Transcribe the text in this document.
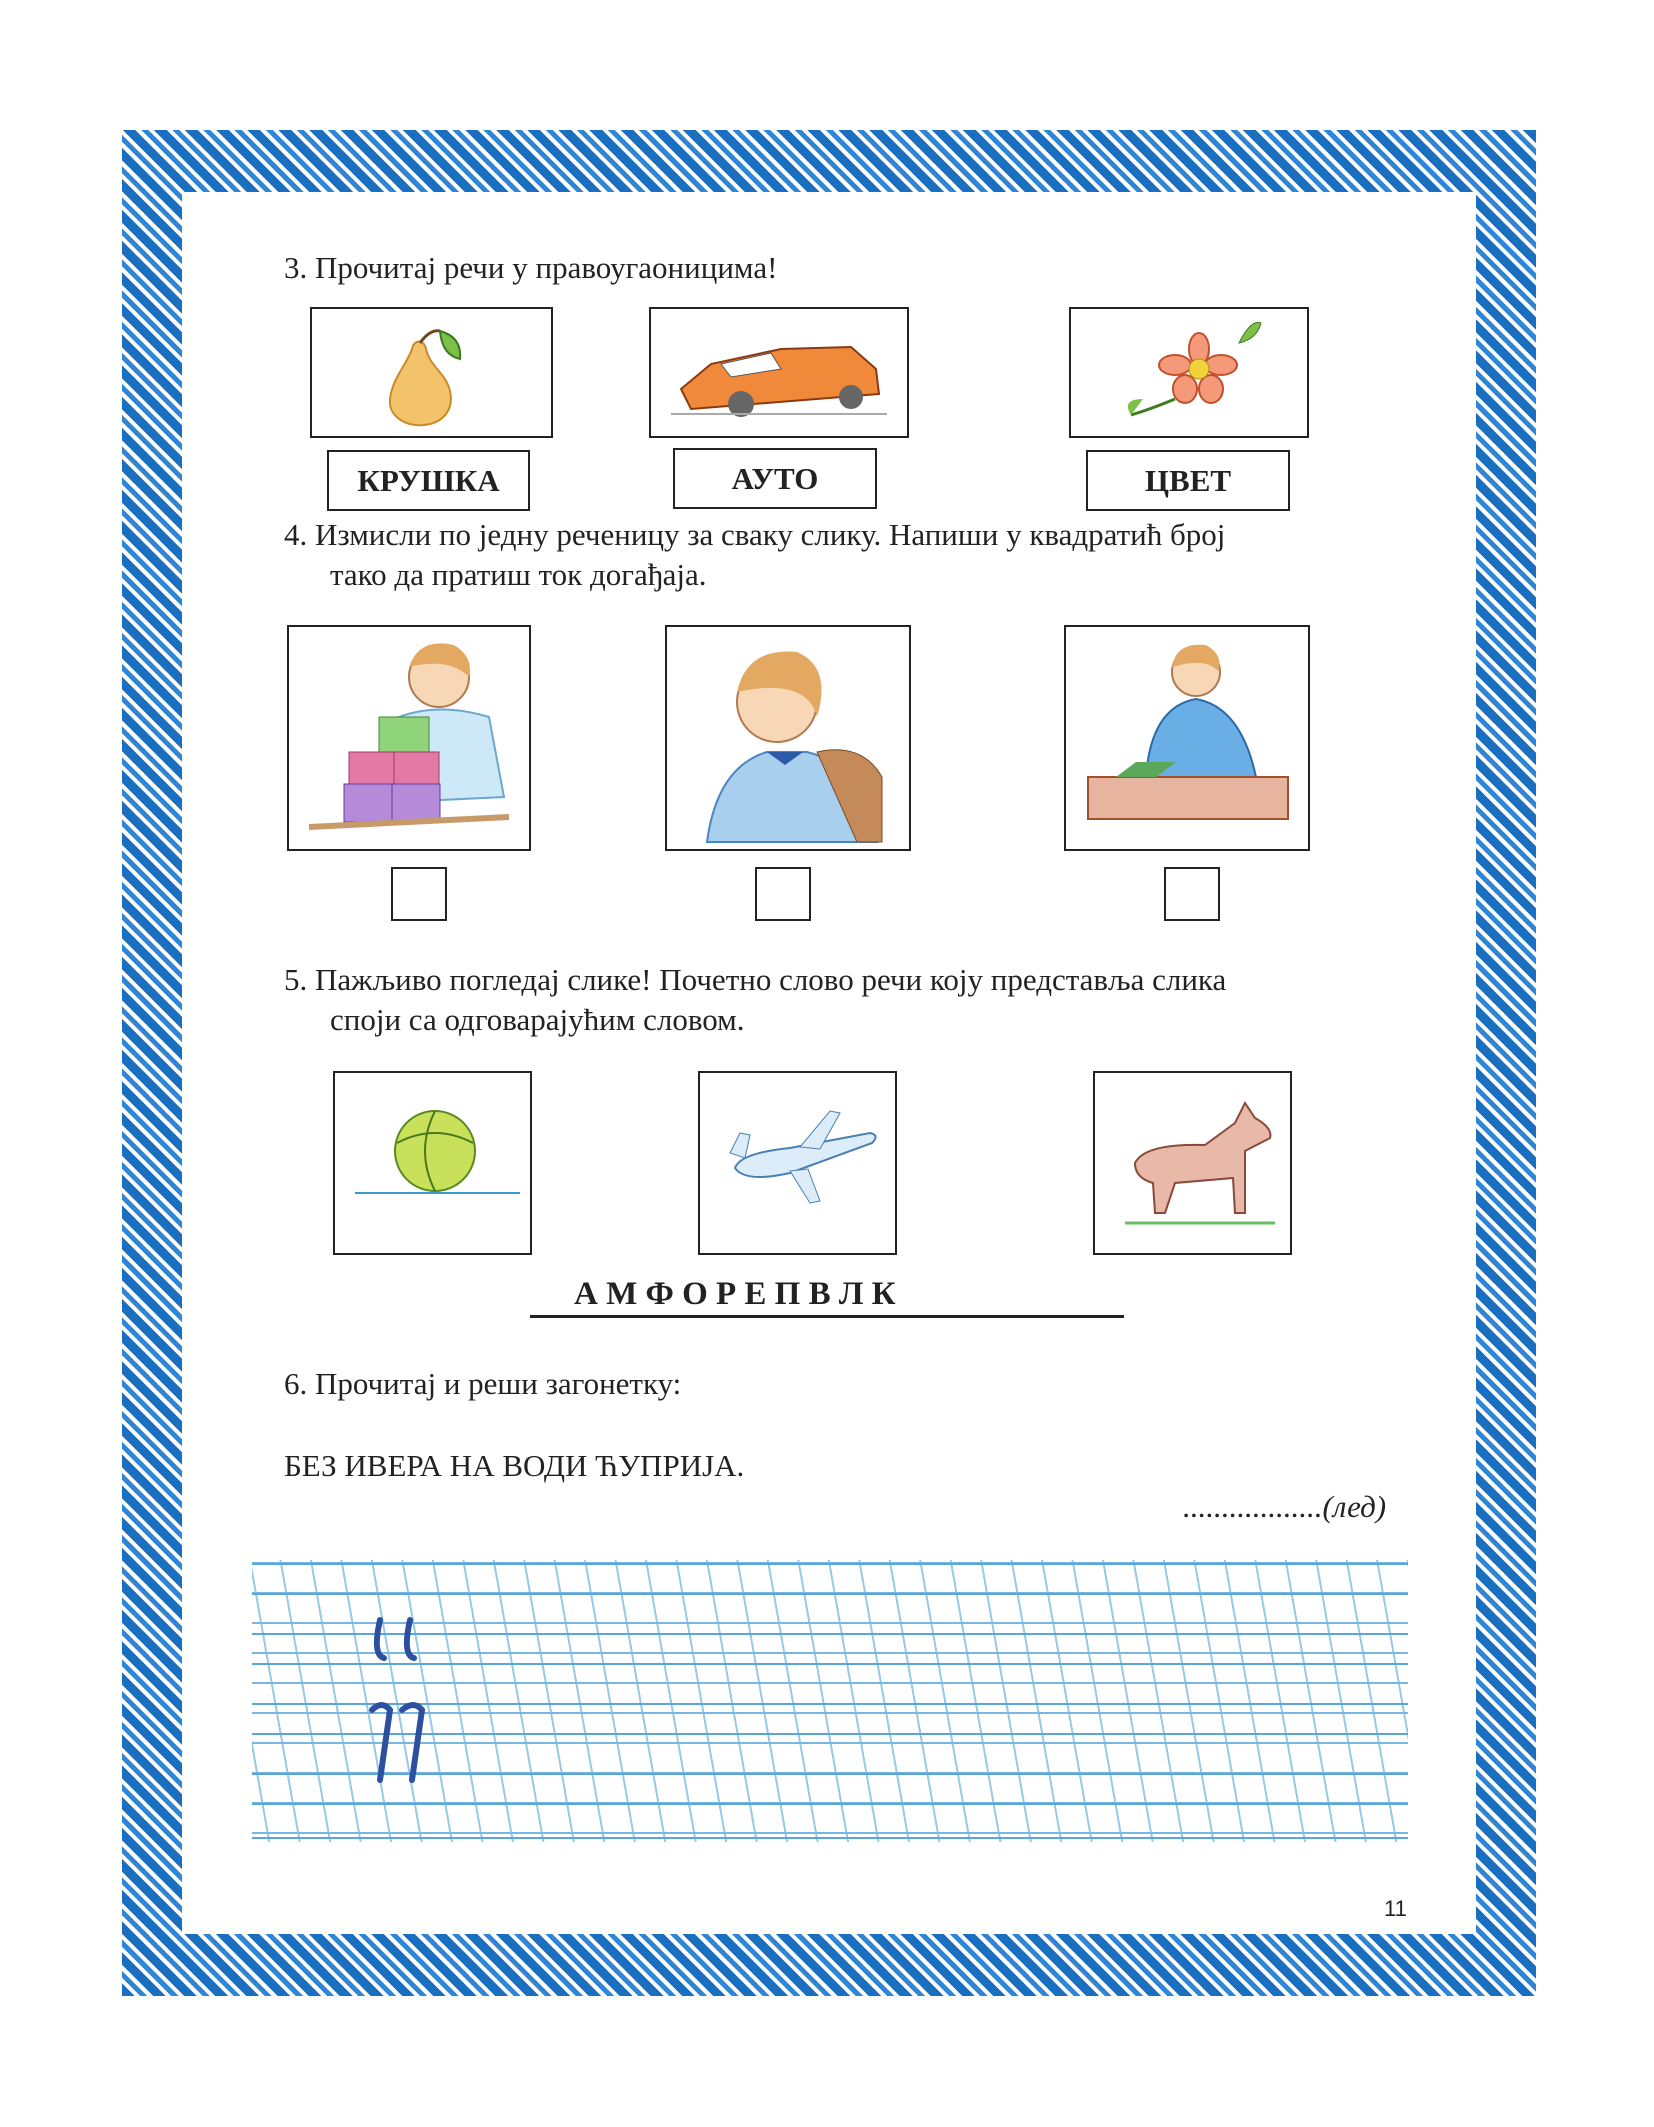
3. Прочитај речи у правоугаоницима!
КРУШКА	АУТО	ЦВЕТ
4. Измисли по једну реченицу за сваку слику. Напиши у квадратић број
тако да пратиш ток догађаја.
5. Пажљиво погледај слике! Почетно слово речи коју представља слика
споји са одговарајућим словом.
А М Ф О Р Е П В Л К
6. Прочитај и реши загонетку:
БЕЗ ИВЕРА НА ВОДИ ЋУПРИЈА.
..................(лед)
11
